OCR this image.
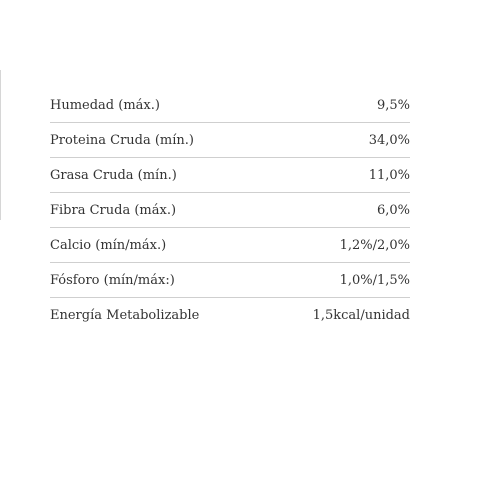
Humedad (máx.)	9,5%
Proteina Cruda (mín.)	34,0%
Grasa Cruda (mín.)	11,0%
Fibra Cruda (máx.)	6,0%
Calcio (mín/máx.)	1,2%/2,0%
Fósforo (mín/máx:)	1,0%/1,5%
Energía Metabolizable	1,5kcal/unidad
